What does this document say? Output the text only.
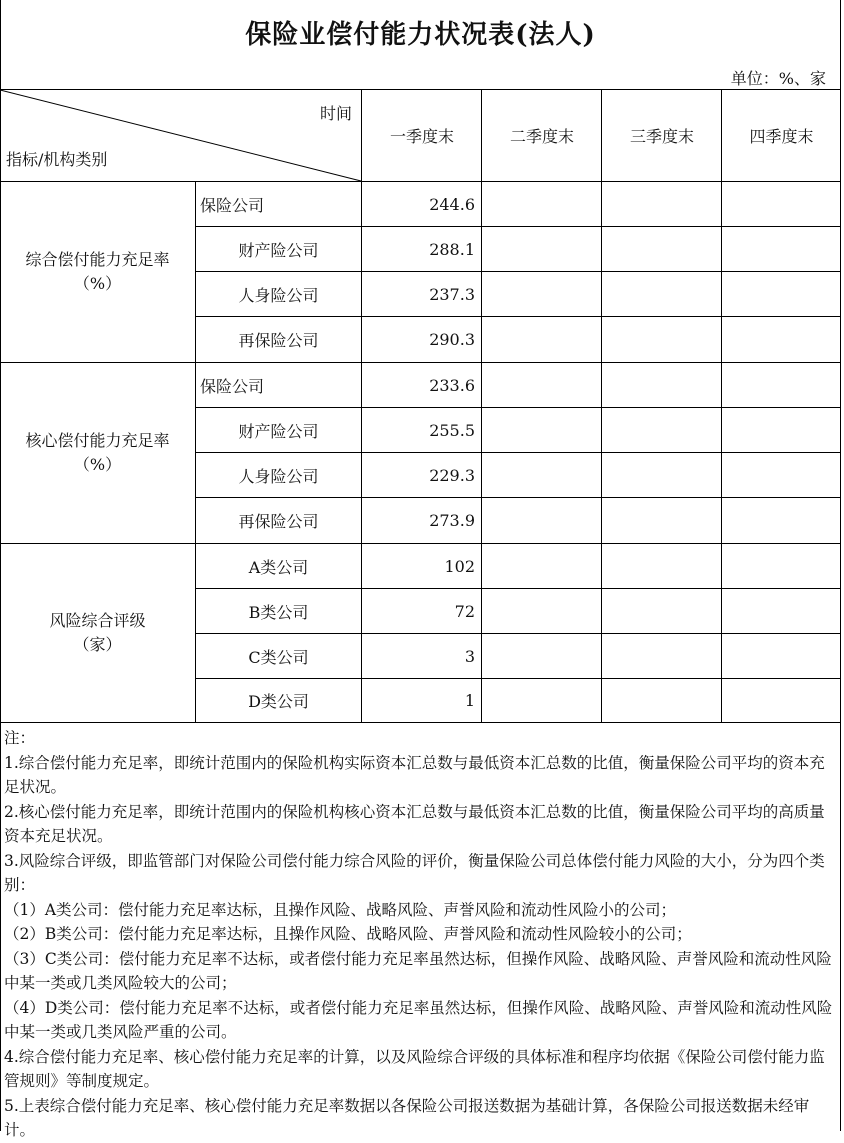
保险业偿付能力状况表(法人)
单位：%、家
时间
指标/机构类别
一季度末	二季度末	三季度末	四季度末
综合偿付能力充足率
（%）
保险公司	244.6
财产险公司	288.1
人身险公司	237.3
再保险公司	290.3
核心偿付能力充足率
（%）
保险公司	233.6
财产险公司	255.5
人身险公司	229.3
再保险公司	273.9
风险综合评级
（家）
A类公司	102
B类公司	72
C类公司	3
D类公司	1
注：
1.综合偿付能力充足率，即统计范围内的保险机构实际资本汇总数与最低资本汇总数的比值，衡量保险公司平均的资本充足状况。
2.核心偿付能力充足率，即统计范围内的保险机构核心资本汇总数与最低资本汇总数的比值，衡量保险公司平均的高质量资本充足状况。
3.风险综合评级，即监管部门对保险公司偿付能力综合风险的评价，衡量保险公司总体偿付能力风险的大小，分为四个类别：
（1）A类公司：偿付能力充足率达标，且操作风险、战略风险、声誉风险和流动性风险小的公司；
（2）B类公司：偿付能力充足率达标，且操作风险、战略风险、声誉风险和流动性风险较小的公司；
（3）C类公司：偿付能力充足率不达标，或者偿付能力充足率虽然达标，但操作风险、战略风险、声誉风险和流动性风险中某一类或几类风险较大的公司；
（4）D类公司：偿付能力充足率不达标，或者偿付能力充足率虽然达标，但操作风险、战略风险、声誉风险和流动性风险中某一类或几类风险严重的公司。
4.综合偿付能力充足率、核心偿付能力充足率的计算，以及风险综合评级的具体标准和程序均依据《保险公司偿付能力监管规则》等制度规定。
5.上表综合偿付能力充足率、核心偿付能力充足率数据以各保险公司报送数据为基础计算，各保险公司报送数据未经审计。
